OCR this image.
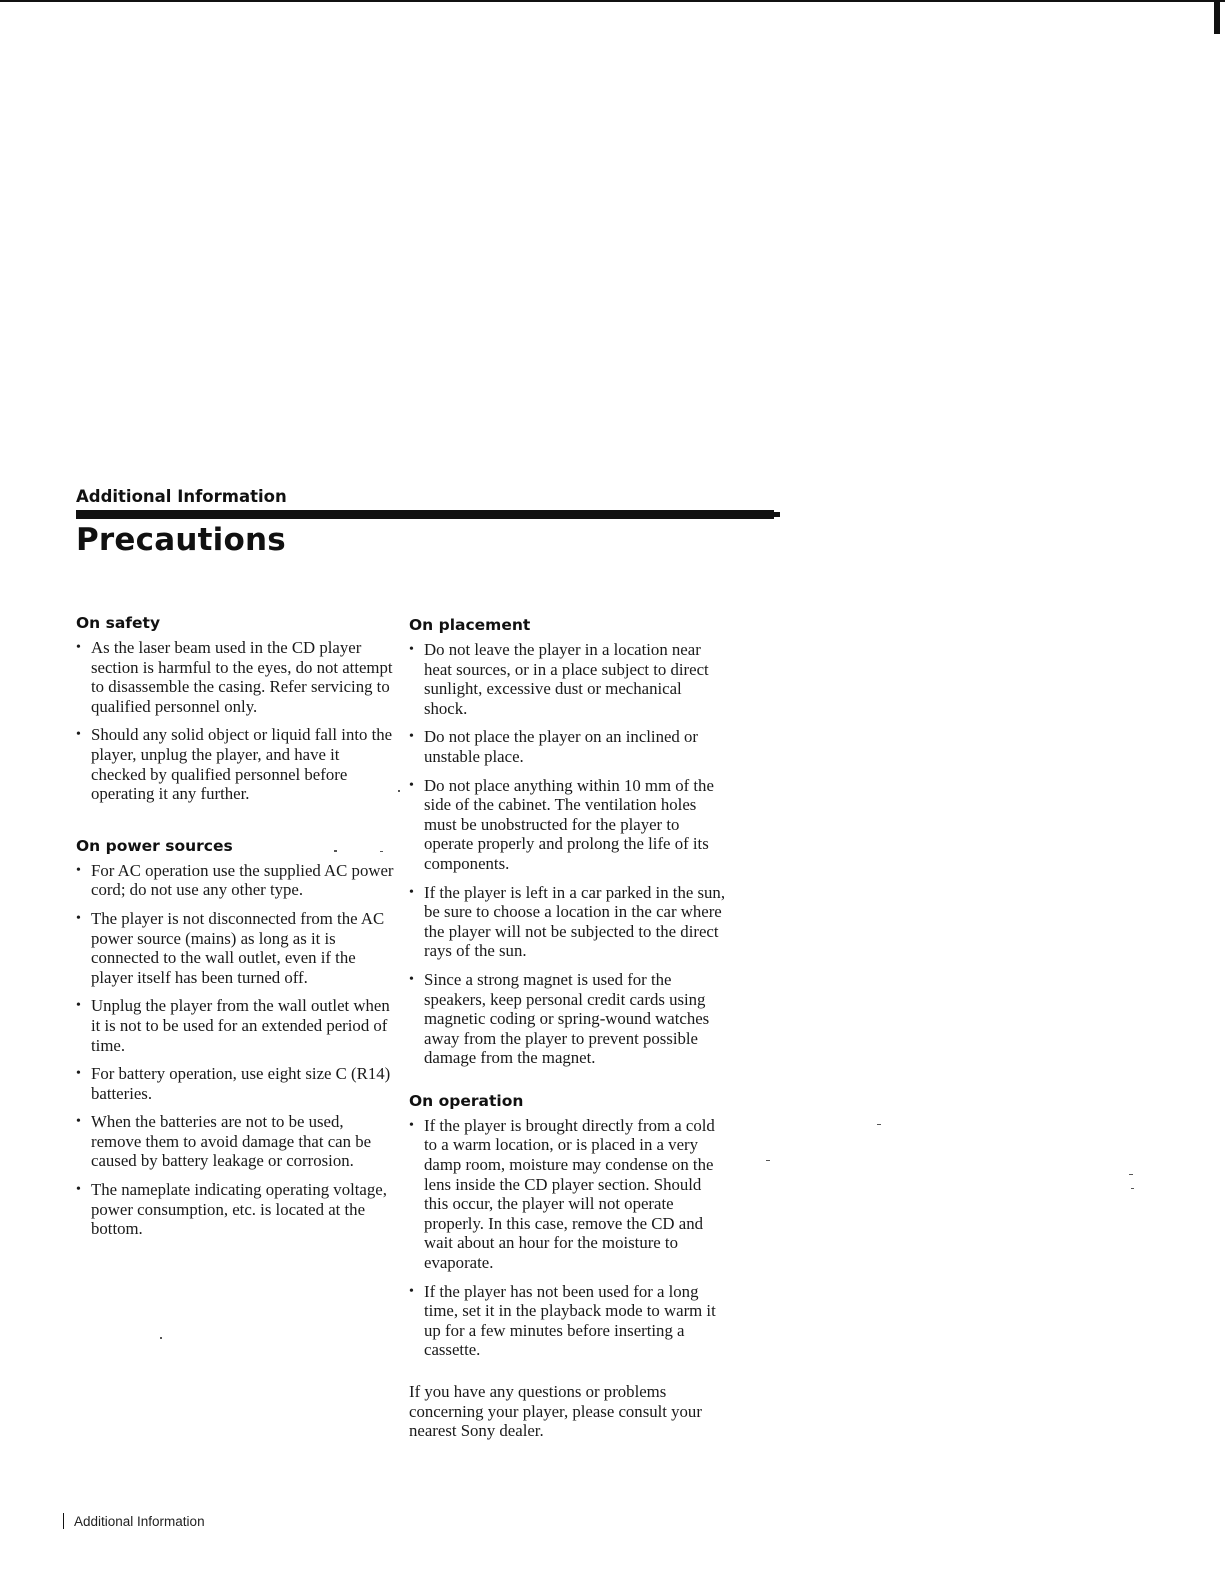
Additional Information
Precautions
On safety
• As the laser beam used in the CD player section is harmful to the eyes, do not attempt to disassemble the casing. Refer servicing to qualified personnel only.
• Should any solid object or liquid fall into the player, unplug the player, and have it checked by qualified personnel before operating it any further.
On power sources
• For AC operation use the supplied AC power cord; do not use any other type.
• The player is not disconnected from the AC power source (mains) as long as it is connected to the wall outlet, even if the player itself has been turned off.
• Unplug the player from the wall outlet when it is not to be used for an extended period of time.
• For battery operation, use eight size C (R14) batteries.
• When the batteries are not to be used, remove them to avoid damage that can be caused by battery leakage or corrosion.
• The nameplate indicating operating voltage, power consumption, etc. is located at the bottom.
On placement
• Do not leave the player in a location near heat sources, or in a place subject to direct sunlight, excessive dust or mechanical shock.
• Do not place the player on an inclined or unstable place.
• Do not place anything within 10 mm of the side of the cabinet. The ventilation holes must be unobstructed for the player to operate properly and prolong the life of its components.
• If the player is left in a car parked in the sun, be sure to choose a location in the car where the player will not be subjected to the direct rays of the sun.
• Since a strong magnet is used for the speakers, keep personal credit cards using magnetic coding or spring-wound watches away from the player to prevent possible damage from the magnet.
On operation
• If the player is brought directly from a cold to a warm location, or is placed in a very damp room, moisture may condense on the lens inside the CD player section. Should this occur, the player will not operate properly. In this case, remove the CD and wait about an hour for the moisture to evaporate.
• If the player has not been used for a long time, set it in the playback mode to warm it up for a few minutes before inserting a cassette.

If you have any questions or problems concerning your player, please consult your nearest Sony dealer.

Additional Information
